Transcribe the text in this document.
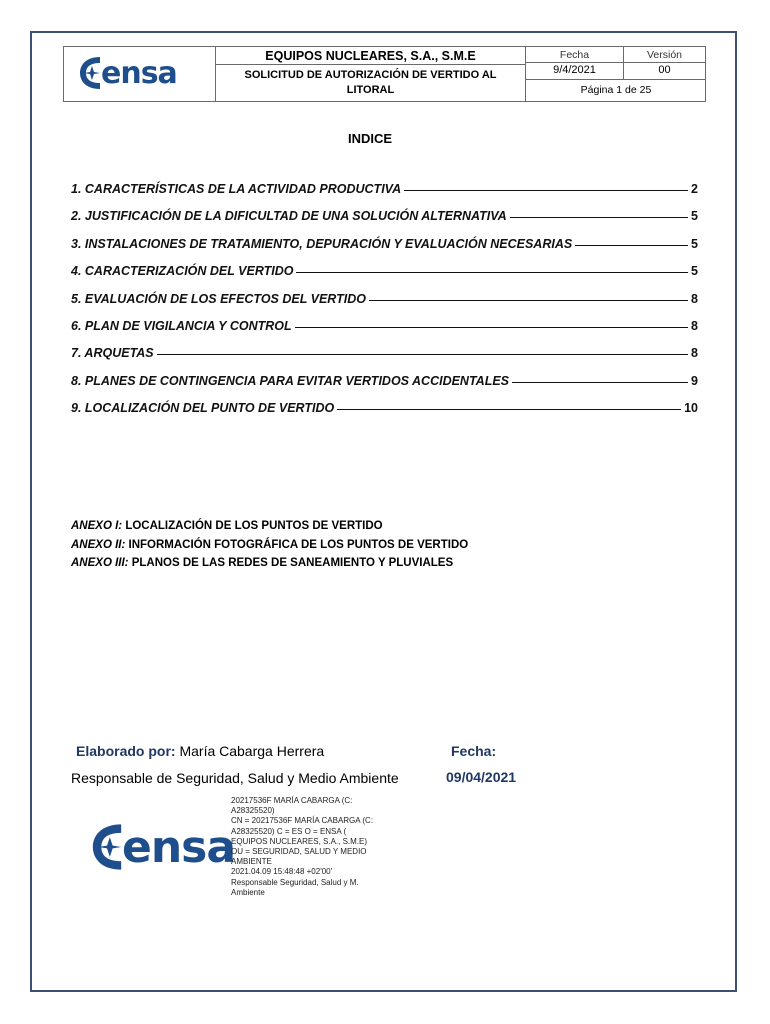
ensa	EQUIPOS NUCLEARES, S.A., S.M.E
SOLICITUD DE AUTORIZACIÓN DE VERTIDO AL
LITORAL
Fecha	Versión
9/4/2021	00
Página 1 de 25
INDICE
1. CARACTERÍSTICAS DE LA ACTIVIDAD PRODUCTIVA	2
2. JUSTIFICACIÓN DE LA DIFICULTAD DE UNA SOLUCIÓN ALTERNATIVA	5
3. INSTALACIONES DE TRATAMIENTO, DEPURACIÓN Y EVALUACIÓN NECESARIAS	5
4. CARACTERIZACIÓN DEL VERTIDO	5
5. EVALUACIÓN DE LOS EFECTOS DEL VERTIDO	8
6. PLAN DE VIGILANCIA Y CONTROL	8
7. ARQUETAS	8
8. PLANES DE CONTINGENCIA PARA EVITAR VERTIDOS ACCIDENTALES	9
9. LOCALIZACIÓN DEL PUNTO DE VERTIDO	10
ANEXO I: LOCALIZACIÓN DE LOS PUNTOS DE VERTIDO
ANEXO II: INFORMACIÓN FOTOGRÁFICA DE LOS PUNTOS DE VERTIDO
ANEXO III: PLANOS DE LAS REDES DE SANEAMIENTO Y PLUVIALES
Elaborado por: María Cabarga Herrera
Responsable de Seguridad, Salud y Medio Ambiente
Fecha:
09/04/2021
ensa
20217536F MARÍA CABARGA (C:
A28325520)
CN = 20217536F MARÍA CABARGA (C:
A28325520) C = ES O = ENSA (
EQUIPOS NUCLEARES, S.A., S.M.E)
OU = SEGURIDAD, SALUD Y MEDIO
AMBIENTE
2021.04.09 15:48:48 +02'00'
Responsable Seguridad, Salud y M.
Ambiente
